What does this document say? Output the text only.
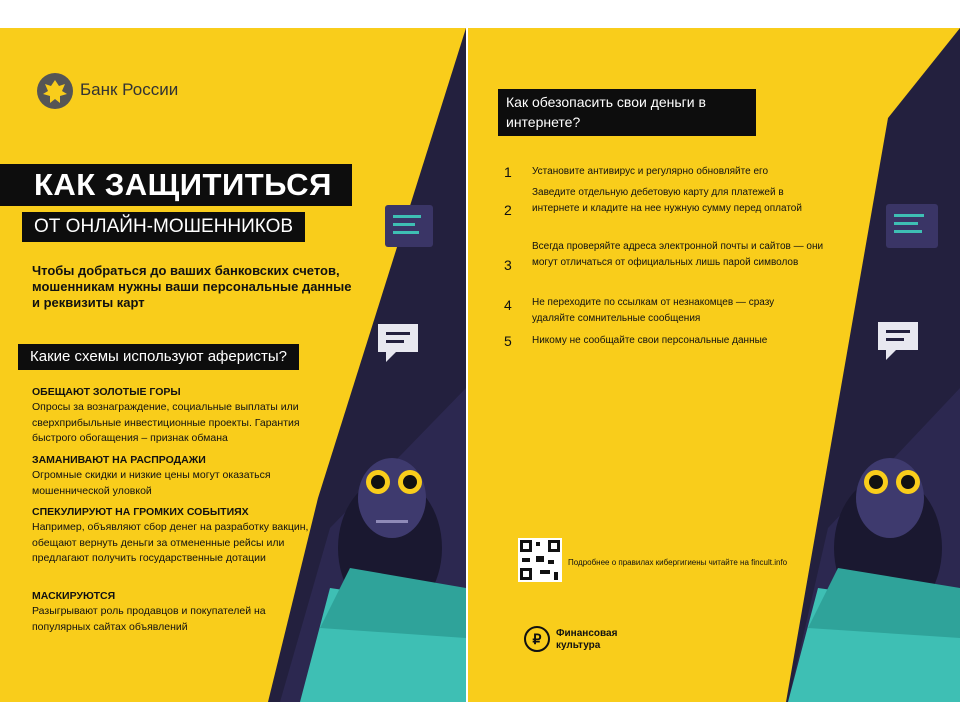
Банк России
КАК ЗАЩИТИТЬСЯ
ОТ ОНЛАЙН-МОШЕННИКОВ
Чтобы добраться до ваших банковских счетов, мошенникам нужны ваши персональные данные и реквизиты карт
Какие схемы используют аферисты?
ОБЕЩАЮТ ЗОЛОТЫЕ ГОРЫ
Опросы за вознаграждение, социальные выплаты или сверхприбыльные инвестиционные проекты. Гарантия быстрого обогащения – признак обмана
ЗАМАНИВАЮТ НА РАСПРОДАЖИ
Огромные скидки и низкие цены могут оказаться мошеннической уловкой
СПЕКУЛИРУЮТ НА ГРОМКИХ СОБЫТИЯХ
Например, объявляют сбор денег на разработку вакцин, обещают вернуть деньги за отмененные рейсы или предлагают получить государственные дотации
МАСКИРУЮТСЯ
Разыгрывают роль продавцов и покупателей на популярных сайтах объявлений
Как обезопасить свои деньги в интернете?
1 Установите антивирус и регулярно обновляйте его
2
Заведите отдельную дебетовую карту для платежей в интернете и кладите на нее нужную сумму перед оплатой
3
Всегда проверяйте адреса электронной почты и сайтов — они могут отличаться от официальных лишь парой символов
4 Не переходите по ссылкам от незнакомцев — сразу удаляйте сомнительные сообщения
5 Никому не сообщайте свои персональные данные
Подробнее о правилах кибергигиены читайте на fincult.info
₽	Финансовая культура
